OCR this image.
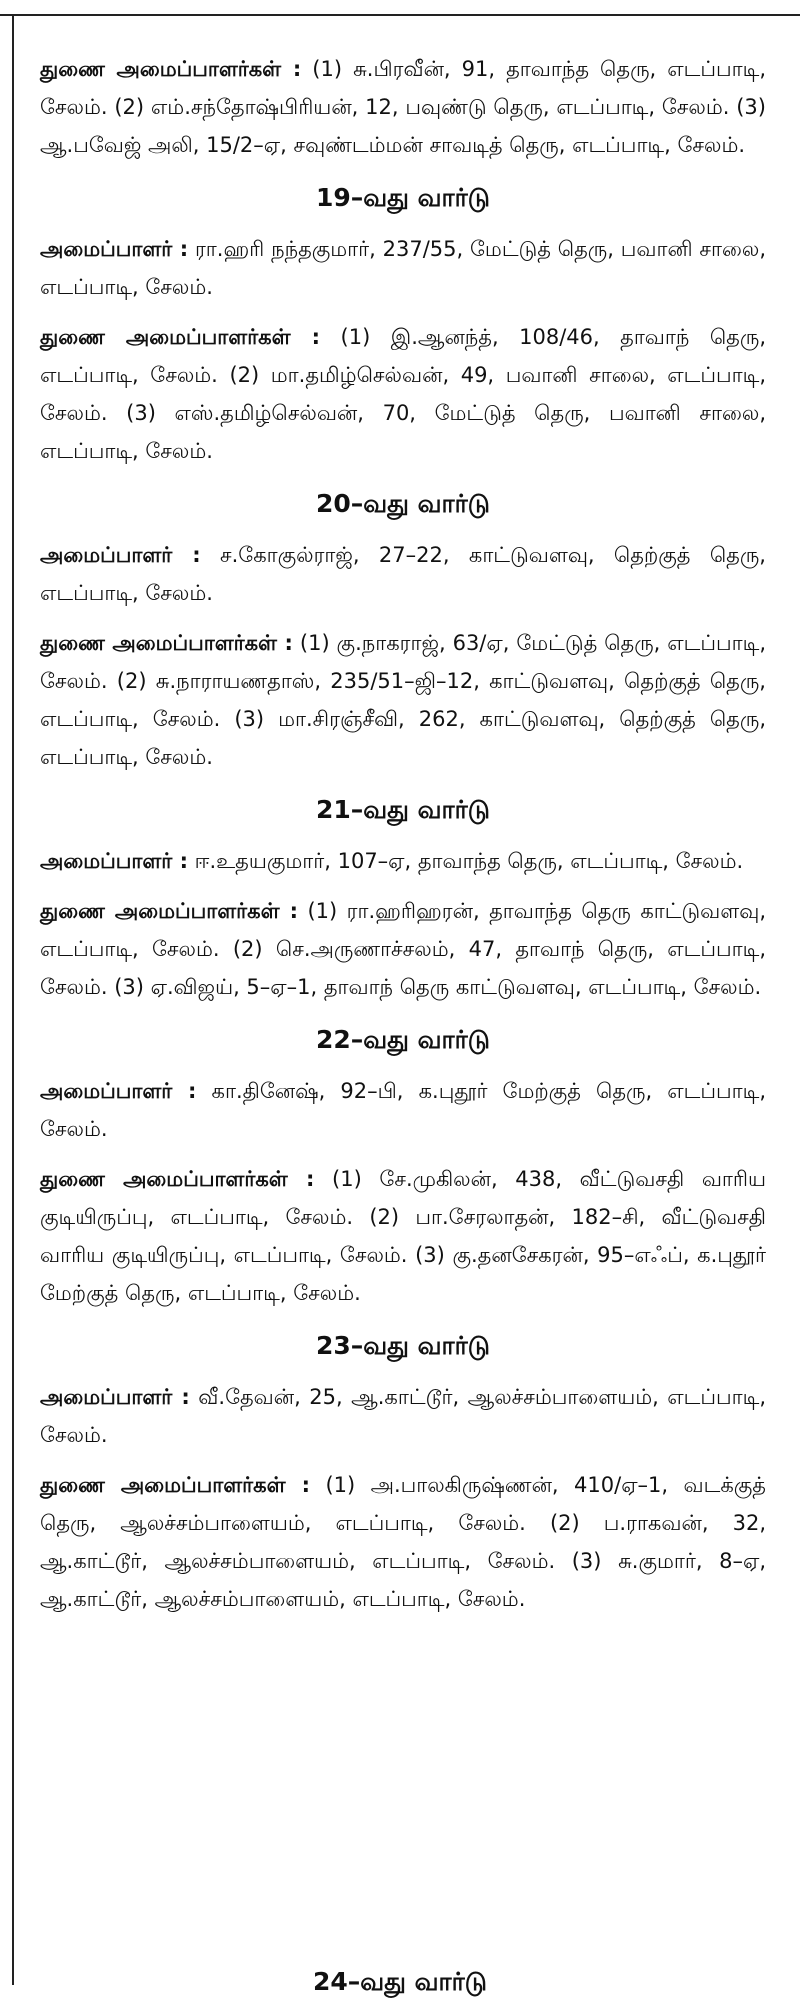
துணை அமைப்பாளர்கள் : (1) சு.பிரவீன், 91, தாவாந்த தெரு, எடப்பாடி, சேலம். (2) எம்.சந்தோஷ்பிரியன், 12, பவுண்டு தெரு, எடப்பாடி, சேலம். (3) ஆ.பவேஜ் அலி, 15/2–ஏ, சவுண்டம்மன் சாவடித் தெரு, எடப்பாடி, சேலம்.

19–வது வார்டு

அமைப்பாளர் : ரா.ஹரி நந்தகுமார், 237/55, மேட்டுத் தெரு, பவானி சாலை, எடப்பாடி, சேலம்.

துணை அமைப்பாளர்கள் : (1) இ.ஆனந்த், 108/46, தாவாந் தெரு, எடப்பாடி, சேலம். (2) மா.தமிழ்செல்வன், 49, பவானி சாலை, எடப்பாடி, சேலம். (3) எஸ்.தமிழ்செல்வன், 70, மேட்டுத் தெரு, பவானி சாலை, எடப்பாடி, சேலம்.

20–வது வார்டு

அமைப்பாளர் : ச.கோகுல்ராஜ், 27–22, காட்டுவளவு, தெற்குத் தெரு, எடப்பாடி, சேலம்.

துணை அமைப்பாளர்கள் : (1) கு.நாகராஜ், 63/ஏ, மேட்டுத் தெரு, எடப்பாடி, சேலம். (2) சு.நாராயணதாஸ், 235/51–ஜி–12, காட்டுவளவு, தெற்குத் தெரு, எடப்பாடி, சேலம். (3) மா.சிரஞ்சீவி, 262, காட்டுவளவு, தெற்குத் தெரு, எடப்பாடி, சேலம்.

21–வது வார்டு

அமைப்பாளர் : ஈ.உதயகுமார், 107–ஏ, தாவாந்த தெரு, எடப்பாடி, சேலம்.

துணை அமைப்பாளர்கள் : (1) ரா.ஹரிஹரன், தாவாந்த தெரு காட்டுவளவு, எடப்பாடி, சேலம். (2) செ.அருணாச்சலம், 47, தாவாந் தெரு, எடப்பாடி, சேலம். (3) ஏ.விஜய், 5–ஏ–1, தாவாந் தெரு காட்டுவளவு, எடப்பாடி, சேலம்.

22–வது வார்டு

அமைப்பாளர் : கா.தினேஷ், 92–பி, க.புதூர் மேற்குத் தெரு, எடப்பாடி, சேலம்.

துணை அமைப்பாளர்கள் : (1) சே.முகிலன், 438, வீட்டுவசதி வாரிய குடியிருப்பு, எடப்பாடி, சேலம். (2) பா.சேரலாதன், 182–சி, வீட்டுவசதி வாரிய குடியிருப்பு, எடப்பாடி, சேலம். (3) கு.தனசேகரன், 95–எஃப், க.புதூர் மேற்குத் தெரு, எடப்பாடி, சேலம்.

23–வது வார்டு

அமைப்பாளர் : வீ.தேவன், 25, ஆ.காட்டூர், ஆலச்சம்பாளையம், எடப்பாடி, சேலம்.

துணை அமைப்பாளர்கள் : (1) அ.பாலகிருஷ்ணன், 410/ஏ–1, வடக்குத் தெரு, ஆலச்சம்பாளையம், எடப்பாடி, சேலம். (2) ப.ராகவன், 32, ஆ.காட்டூர், ஆலச்சம்பாளையம், எடப்பாடி, சேலம். (3) சு.குமார், 8–ஏ, ஆ.காட்டூர், ஆலச்சம்பாளையம், எடப்பாடி, சேலம்.

24–வது வார்டு
